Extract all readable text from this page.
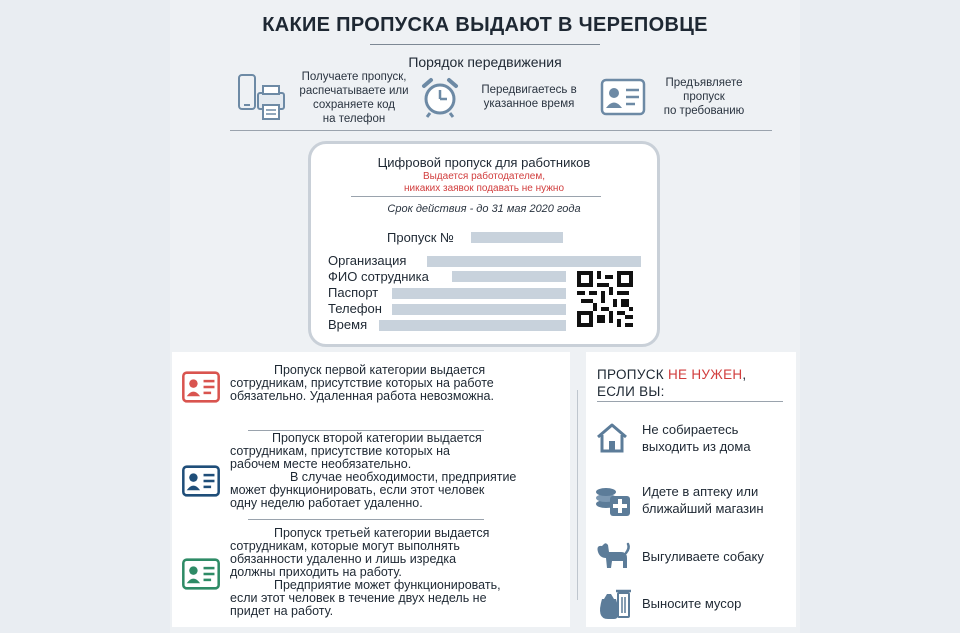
КАКИЕ ПРОПУСКА ВЫДАЮТ В ЧЕРЕПОВЦЕ
Порядок передвижения
Получаете пропуск,
распечатываете или
сохраняете код
на телефон
Передвигаетесь в
указанное время
Предъявляете
пропуск
по требованию
Цифровой пропуск для работников
Выдается работодателем,
никаких заявок подавать не нужно
Срок действия - до 31 мая 2020 года
Пропуск №
Организация
ФИО сотрудника
Паспорт
Телефон
Время
Пропуск первой категории выдается
сотрудникам, присутствие которых на работе
обязательно. Удаленная работа невозможна.
Пропуск второй категории выдается
сотрудникам, присутствие которых на
рабочем месте необязательно.
В случае необходимости, предприятие
может функционировать, если этот человек
одну неделю работает удаленно.
Пропуск третьей категории выдается
сотрудникам, которые могут выполнять
обязанности удаленно и лишь изредка
должны приходить на работу.
Предприятие может функционировать,
если этот человек в течение двух недель не
придет на работу.
ПРОПУСК НЕ НУЖЕН,
ЕСЛИ ВЫ:
Не собираетесь
выходить из дома
Идете в аптеку или
ближайший магазин
Выгуливаете собаку
Выносите мусор
